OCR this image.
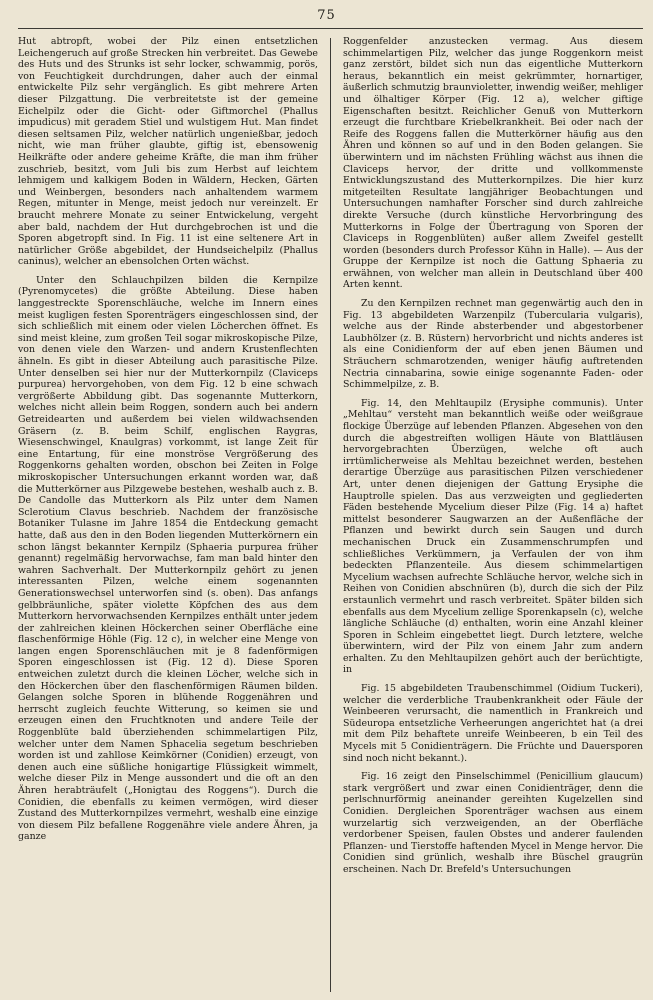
75

Hut abtropft, wobei der Pilz einen entsetzlichen Leichengeruch auf große Strecken hin verbreitet. Das Gewebe des Huts und des Strunks ist sehr locker, schwammig, porös, von Feuchtigkeit durchdrungen, daher auch der einmal entwickelte Pilz sehr vergänglich. Es gibt mehrere Arten dieser Pilzgattung. Die verbreitetste ist der gemeine Eichelpilz oder die Gicht- oder Giftmorchel (Phallus impudicus) mit geradem Stiel und wulstigem Hut. Man findet diesen seltsamen Pilz, welcher natürlich ungenießbar, jedoch nicht, wie man früher glaubte, giftig ist, ebensowenig Heilkräfte oder andere geheime Kräfte, die man ihm früher zuschrieb, besitzt, vom Juli bis zum Herbst auf leichtem lehmigem und kalkigem Boden in Wäldern, Hecken, Gärten und Weinbergen, besonders nach anhaltendem warmem Regen, mitunter in Menge, meist jedoch nur vereinzelt. Er braucht mehrere Monate zu seiner Entwickelung, vergeht aber bald, nachdem der Hut durchgebrochen ist und die Sporen abgetropft sind. In Fig. 11 ist eine seltenere Art in natürlicher Größe abgebildet, der Hundseichelpilz (Phallus caninus), welcher an ebensolchen Orten wächst.

Unter den Schlauchpilzen bilden die Kernpilze (Pyrenomycetes) die größte Abteilung. Diese haben langgestreckte Sporenschläuche, welche im Innern eines meist kugligen festen Sporenträgers eingeschlossen sind, der sich schließlich mit einem oder vielen Löcherchen öffnet. Es sind meist kleine, zum großen Teil sogar mikroskopische Pilze, von denen viele den Warzen- und andern Krustenflechten ähneln. Es gibt in dieser Abteilung auch parasitische Pilze. Unter denselben sei hier nur der Mutterkornpilz (Claviceps purpurea) hervorgehoben, von dem Fig. 12 b eine schwach vergrößerte Abbildung gibt. Das sogenannte Mutterkorn, welches nicht allein beim Roggen, sondern auch bei andern Getreidearten und außerdem bei vielen wildwachsenden Gräsern (z. B. beim Schilf, englischen Raygras, Wiesenschwingel, Knaulgras) vorkommt, ist lange Zeit für eine Entartung, für eine monströse Vergrößerung des Roggenkorns gehalten worden, obschon bei Zeiten in Folge mikroskopischer Untersuchungen erkannt worden war, daß die Mutterkörner aus Pilzgewebe bestehen, weshalb auch z. B. De Candolle das Mutterkorn als Pilz unter dem Namen Sclerotium Clavus beschrieb. Nachdem der französische Botaniker Tulasne im Jahre 1854 die Entdeckung gemacht hatte, daß aus den in den Boden liegenden Mutterkörnern ein schon längst bekannter Kernpilz (Sphaeria purpurea früher genannt) regelmäßig hervorwachse, fam man bald hinter den wahren Sachverhalt. Der Mutterkornpilz gehört zu jenen interessanten Pilzen, welche einem sogenannten Generationswechsel unterworfen sind (s. oben). Das anfangs gelbbräunliche, später violette Köpfchen des aus dem Mutterkorn hervorwachsenden Kernpilzes enthält unter jedem der zahlreichen kleinen Höckerchen seiner Oberfläche eine flaschenförmige Höhle (Fig. 12 c), in welcher eine Menge von langen engen Sporenschläuchen mit je 8 fadenförmigen Sporen eingeschlossen ist (Fig. 12 d). Diese Sporen entweichen zuletzt durch die kleinen Löcher, welche sich in den Höckerchen über den flaschenförmigen Räumen bilden. Gelangen solche Sporen in blühende Roggenähren und herrscht zugleich feuchte Witterung, so keimen sie und erzeugen einen den Fruchtknoten und andere Teile der Roggenblüte bald überziehenden schimmelartigen Pilz, welcher unter dem Namen Sphacelia segetum beschrieben worden ist und zahllose Keimkörner (Conidien) erzeugt, von denen auch eine süßliche honigartige Flüssigkeit wimmelt, welche dieser Pilz in Menge aussondert und die oft an den Ähren herabträufelt („Honigtau des Roggens“). Durch die Conidien, die ebenfalls zu keimen vermögen, wird dieser Zustand des Mutterkornpilzes vermehrt, weshalb eine einzige von diesem Pilz befallene Roggenähre viele andere Ähren, ja ganze

Roggenfelder anzustecken vermag. Aus diesem schimmelartigen Pilz, welcher das junge Roggenkorn meist ganz zerstört, bildet sich nun das eigentliche Mutterkorn heraus, bekanntlich ein meist gekrümmter, hornartiger, äußerlich schmutzig braunvioletter, inwendig weißer, mehliger und ölhaltiger Körper (Fig. 12 a), welcher giftige Eigenschaften besitzt. Reichlicher Genuß von Mutterkorn erzeugt die furchtbare Kriebelkrankheit. Bei oder nach der Reife des Roggens fallen die Mutterkörner häufig aus den Ähren und können so auf und in den Boden gelangen. Sie überwintern und im nächsten Frühling wächst aus ihnen die Claviceps hervor, der dritte und vollkommenste Entwicklungszustand des Mutterkornpilzes. Die hier kurz mitgeteilten Resultate langjähriger Beobachtungen und Untersuchungen namhafter Forscher sind durch zahlreiche direkte Versuche (durch künstliche Hervorbringung des Mutterkorns in Folge der Übertragung von Sporen der Claviceps in Roggenblüten) außer allem Zweifel gestellt worden (besonders durch Professor Kühn in Halle). — Aus der Gruppe der Kernpilze ist noch die Gattung Sphaeria zu erwähnen, von welcher man allein in Deutschland über 400 Arten kennt.

Zu den Kernpilzen rechnet man gegenwärtig auch den in Fig. 13 abgebildeten Warzenpilz (Tubercularia vulgaris), welche aus der Rinde absterbender und abgestorbener Laubhölzer (z. B. Rüstern) hervorbricht und nichts anderes ist als eine Conidienform der auf eben jenen Bäumen und Sträuchern schmarotzenden, weniger häufig auftretenden Nectria cinnabarina, sowie einige sogenannte Faden- oder Schimmelpilze, z. B.

Fig. 14, den Mehltaupilz (Erysiphe communis). Unter „Mehltau“ versteht man bekanntlich weiße oder weißgraue flockige Überzüge auf lebenden Pflanzen. Abgesehen von den durch die abgestreiften wolligen Häute von Blattläusen hervorgebrachten Überzügen, welche oft auch irrtümlicherweise als Mehltau bezeichnet werden, bestehen derartige Überzüge aus parasitischen Pilzen verschiedener Art, unter denen diejenigen der Gattung Erysiphe die Hauptrolle spielen. Das aus verzweigten und gegliederten Fäden bestehende Mycelium dieser Pilze (Fig. 14 a) haftet mittelst besonderer Saugwarzen an der Außenfläche der Pflanzen und bewirkt durch sein Saugen und durch mechanischen Druck ein Zusammenschrumpfen und schließliches Verkümmern, ja Verfaulen der von ihm bedeckten Pflanzenteile. Aus diesem schimmelartigen Mycelium wachsen aufrechte Schläuche hervor, welche sich in Reihen von Conidien abschnüren (b), durch die sich der Pilz erstaunlich vermehrt und rasch verbreitet. Später bilden sich ebenfalls aus dem Mycelium zellige Sporenkapseln (c), welche längliche Schläuche (d) enthalten, worin eine Anzahl kleiner Sporen in Schleim eingebettet liegt. Durch letztere, welche überwintern, wird der Pilz von einem Jahr zum andern erhalten. Zu den Mehltaupilzen gehört auch der berüchtigte, in

Fig. 15 abgebildeten Traubenschimmel (Oidium Tuckeri), welcher die verderbliche Traubenkrankheit oder Fäule der Weinbeeren verursacht, die namentlich in Frankreich und Südeuropa entsetzliche Verheerungen angerichtet hat (a drei mit dem Pilz behaftete unreife Weinbeeren, b ein Teil des Mycels mit 5 Conidienträgern. Die Früchte und Dauersporen sind noch nicht bekannt.).

Fig. 16 zeigt den Pinselschimmel (Penicillium glaucum) stark vergrößert und zwar einen Conidienträger, denn die perlschnurförmig aneinander gereihten Kugelzellen sind Conidien. Dergleichen Sporenträger wachsen aus einem wurzelartig sich verzweigenden, an der Oberfläche verdorbener Speisen, faulen Obstes und anderer faulenden Pflanzen- und Tierstoffe haftenden Mycel in Menge hervor. Die Conidien sind grünlich, weshalb ihre Büschel graugrün erscheinen. Nach Dr. Brefeld's Untersuchungen
